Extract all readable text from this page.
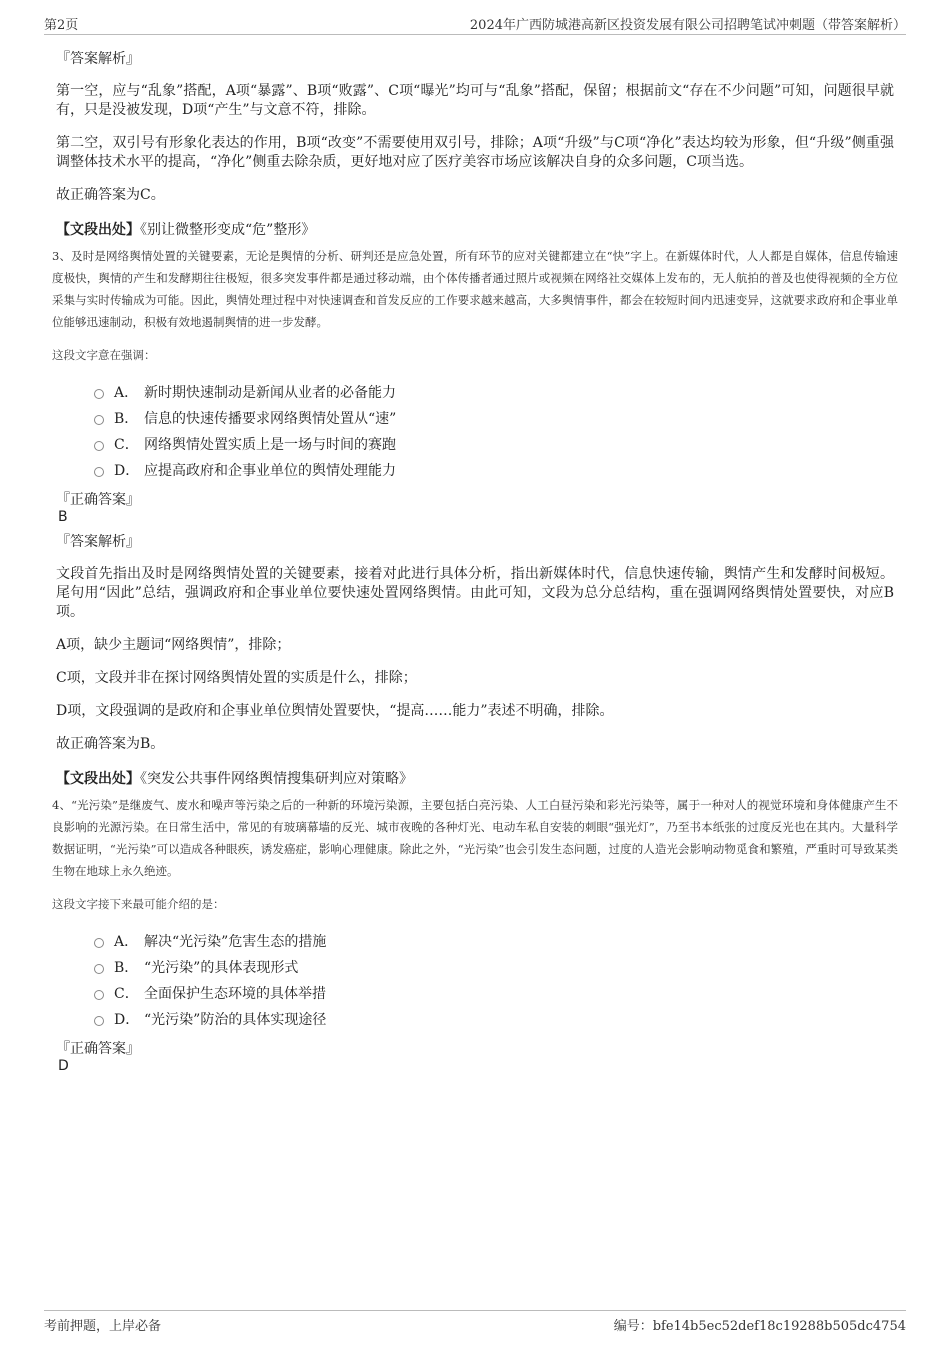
第2页	2024年广西防城港高新区投资发展有限公司招聘笔试冲刺题（带答案解析）
『答案解析』

第一空，应与“乱象”搭配，A项“暴露”、B项“败露”、C项“曝光”均可与“乱象”搭配，保留；根据前文“存在不少问题”可知，问题很早就有，只是没被发现，D项“产生”与文意不符，排除。

第二空，双引号有形象化表达的作用，B项“改变”不需要使用双引号，排除；A项“升级”与C项“净化”表达均较为形象，但“升级”侧重强调整体技术水平的提高，“净化”侧重去除杂质，更好地对应了医疗美容市场应该解决自身的众多问题，C项当选。

故正确答案为C。

【文段出处】《别让微整形变成“危”整形》
3、及时是网络舆情处置的关键要素，无论是舆情的分析、研判还是应急处置，所有环节的应对关键都建立在“快”字上。在新媒体时代，人人都是自媒体，信息传输速度极快，舆情的产生和发酵期往往极短，很多突发事件都是通过移动端，由个体传播者通过照片或视频在网络社交媒体上发布的，无人航拍的普及也使得视频的全方位采集与实时传输成为可能。因此，舆情处理过程中对快速调查和首发反应的工作要求越来越高，大多舆情事件，都会在较短时间内迅速变异，这就要求政府和企事业单位能够迅速制动，积极有效地遏制舆情的进一步发酵。
这段文字意在强调：
A． 新时期快速制动是新闻从业者的必备能力
B． 信息的快速传播要求网络舆情处置从“速”
C． 网络舆情处置实质上是一场与时间的赛跑
D． 应提高政府和企事业单位的舆情处理能力
『正确答案』
B
『答案解析』

文段首先指出及时是网络舆情处置的关键要素，接着对此进行具体分析，指出新媒体时代，信息快速传输，舆情产生和发酵时间极短。尾句用“因此”总结，强调政府和企事业单位要快速处置网络舆情。由此可知，文段为总分总结构，重在强调网络舆情处置要快，对应B项。

A项，缺少主题词“网络舆情”，排除；

C项，文段并非在探讨网络舆情处置的实质是什么，排除；

D项，文段强调的是政府和企事业单位舆情处置要快，“提高……能力”表述不明确，排除。

故正确答案为B。

【文段出处】《突发公共事件网络舆情搜集研判应对策略》
4、“光污染”是继废气、废水和噪声等污染之后的一种新的环境污染源，主要包括白亮污染、人工白昼污染和彩光污染等，属于一种对人的视觉环境和身体健康产生不良影响的光源污染。在日常生活中，常见的有玻璃幕墙的反光、城市夜晚的各种灯光、电动车私自安装的刺眼“强光灯”，乃至书本纸张的过度反光也在其内。大量科学数据证明，“光污染”可以造成各种眼疾，诱发癌症，影响心理健康。除此之外，“光污染”也会引发生态问题，过度的人造光会影响动物觅食和繁殖，严重时可导致某类生物在地球上永久绝迹。
这段文字接下来最可能介绍的是：
A． 解决“光污染”危害生态的措施
B． “光污染”的具体表现形式
C． 全面保护生态环境的具体举措
D． “光污染”防治的具体实现途径
『正确答案』
D
考前押题，上岸必备	编号：bfe14b5ec52def18c19288b505dc4754
